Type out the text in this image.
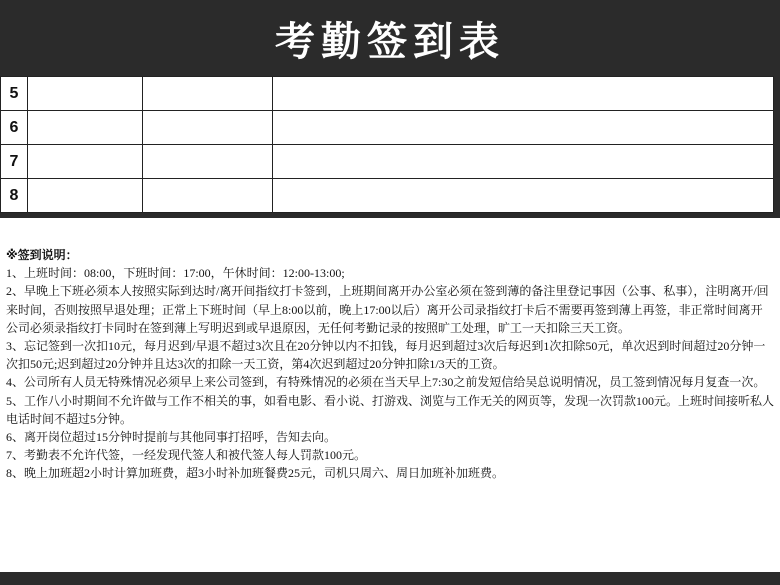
考勤签到表
5			
6			
7			
8			

※签到说明：

1、上班时间：08:00，下班时间：17:00，午休时间：12:00-13:00;

2、早晚上下班必须本人按照实际到达时/离开间指纹打卡签到，上班期间离开办公室必须在签到薄的备注里登记事因（公事、私事），注明离开/回来时间，否则按照早退处理；正常上下班时间（早上8:00以前，晚上17:00以后）离开公司录指纹打卡后不需要再签到薄上再签，非正常时间离开公司必须录指纹打卡同时在签到薄上写明迟到或早退原因，无任何考勤记录的按照旷工处理，旷工一天扣除三天工资。

3、忘记签到一次扣10元，每月迟到/早退不超过3次且在20分钟以内不扣钱，每月迟到超过3次后每迟到1次扣除50元，单次迟到时间超过20分钟一次扣50元;迟到超过20分钟并且达3次的扣除一天工资，第4次迟到超过20分钟扣除1/3天的工资。

4、公司所有人员无特殊情况必须早上来公司签到，有特殊情况的必须在当天早上7:30之前发短信给吴总说明情况，员工签到情况每月复查一次。

5、工作八小时期间不允许做与工作不相关的事，如看电影、看小说、打游戏、浏览与工作无关的网页等，发现一次罚款100元。上班时间接听私人电话时间不超过5分钟。

6、离开岗位超过15分钟时提前与其他同事打招呼，告知去向。

7、考勤表不允许代签，一经发现代签人和被代签人每人罚款100元。

8、晚上加班超2小时计算加班费，超3小时补加班餐费25元，司机只周六、周日加班补加班费。
